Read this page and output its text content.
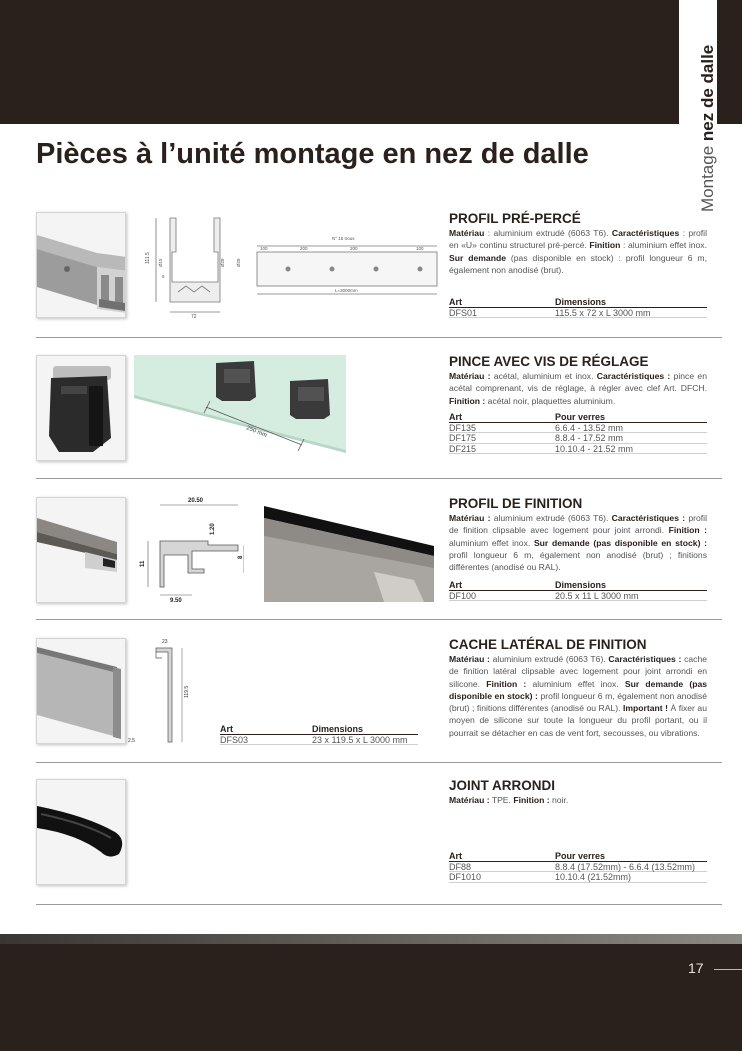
Montage nez de dalle
Pièces à l’unité montage en nez de dalle
111.5 Ø15	Ø28 Ø28
6
72
N° 15 trous
100	200	200	100
L=3000mm
PROFIL PRÉ-PERCÉ
Matériau : aluminium extrudé (6063 T6). Caractéristiques : profil en «U» continu structurel pré-percé. Finition : aluminium effet inox. Sur demande (pas disponible en stock) : profil longueur 6 m, également non anodisé (brut).
Art	Dimensions
DFS01	115.5 x 72 x L 3000 mm
250 mm
PINCE AVEC VIS DE RÉGLAGE
Matériau : acétal, aluminium et inox. Caractéristiques : pince en acétal comprenant, vis de réglage, à régler avec clef Art. DFCH. Finition : acétal noir, plaquettes aluminium.
Art	Pour verres
DF135	6.6.4 - 13.52 mm
DF175	8.8.4 - 17.52 mm
DF215	10.10.4 - 21.52 mm
20.50
1.20
11
8
9.50
PROFIL DE FINITION
Matériau : aluminium extrudé (6063 T6). Caractéristiques : profil de finition clipsable avec logement pour joint arrondi. Finition : aluminium effet inox. Sur demande (pas disponible en stock) : profil longueur 6 m, également non anodisé (brut) ; finitions différentes (anodisé ou RAL).
Art	Dimensions
DF100	20.5 x 11 L 3000 mm
23
119.5
2.5
Art	Dimensions
DFS03	23 x 119.5 x L 3000 mm
CACHE LATÉRAL DE FINITION
Matériau : aluminium extrudé (6063 T6). Caractéristiques : cache de finition latéral clipsable avec logement pour joint arrondi en silicone. Finition : aluminium effet inox. Sur demande (pas disponible en stock) : profil longueur 6 m, également non anodisé (brut) ; finitions différentes (anodisé ou RAL). Important ! À fixer au moyen de silicone sur toute la longueur du profil portant, ou il pourrait se détacher en cas de vent fort, secousses, ou vibrations.
JOINT ARRONDI
Matériau : TPE. Finition : noir.
Art	Pour verres
DF88	8.8.4 (17.52mm) - 6.6.4 (13.52mm)
DF1010	10.10.4 (21.52mm)
17
